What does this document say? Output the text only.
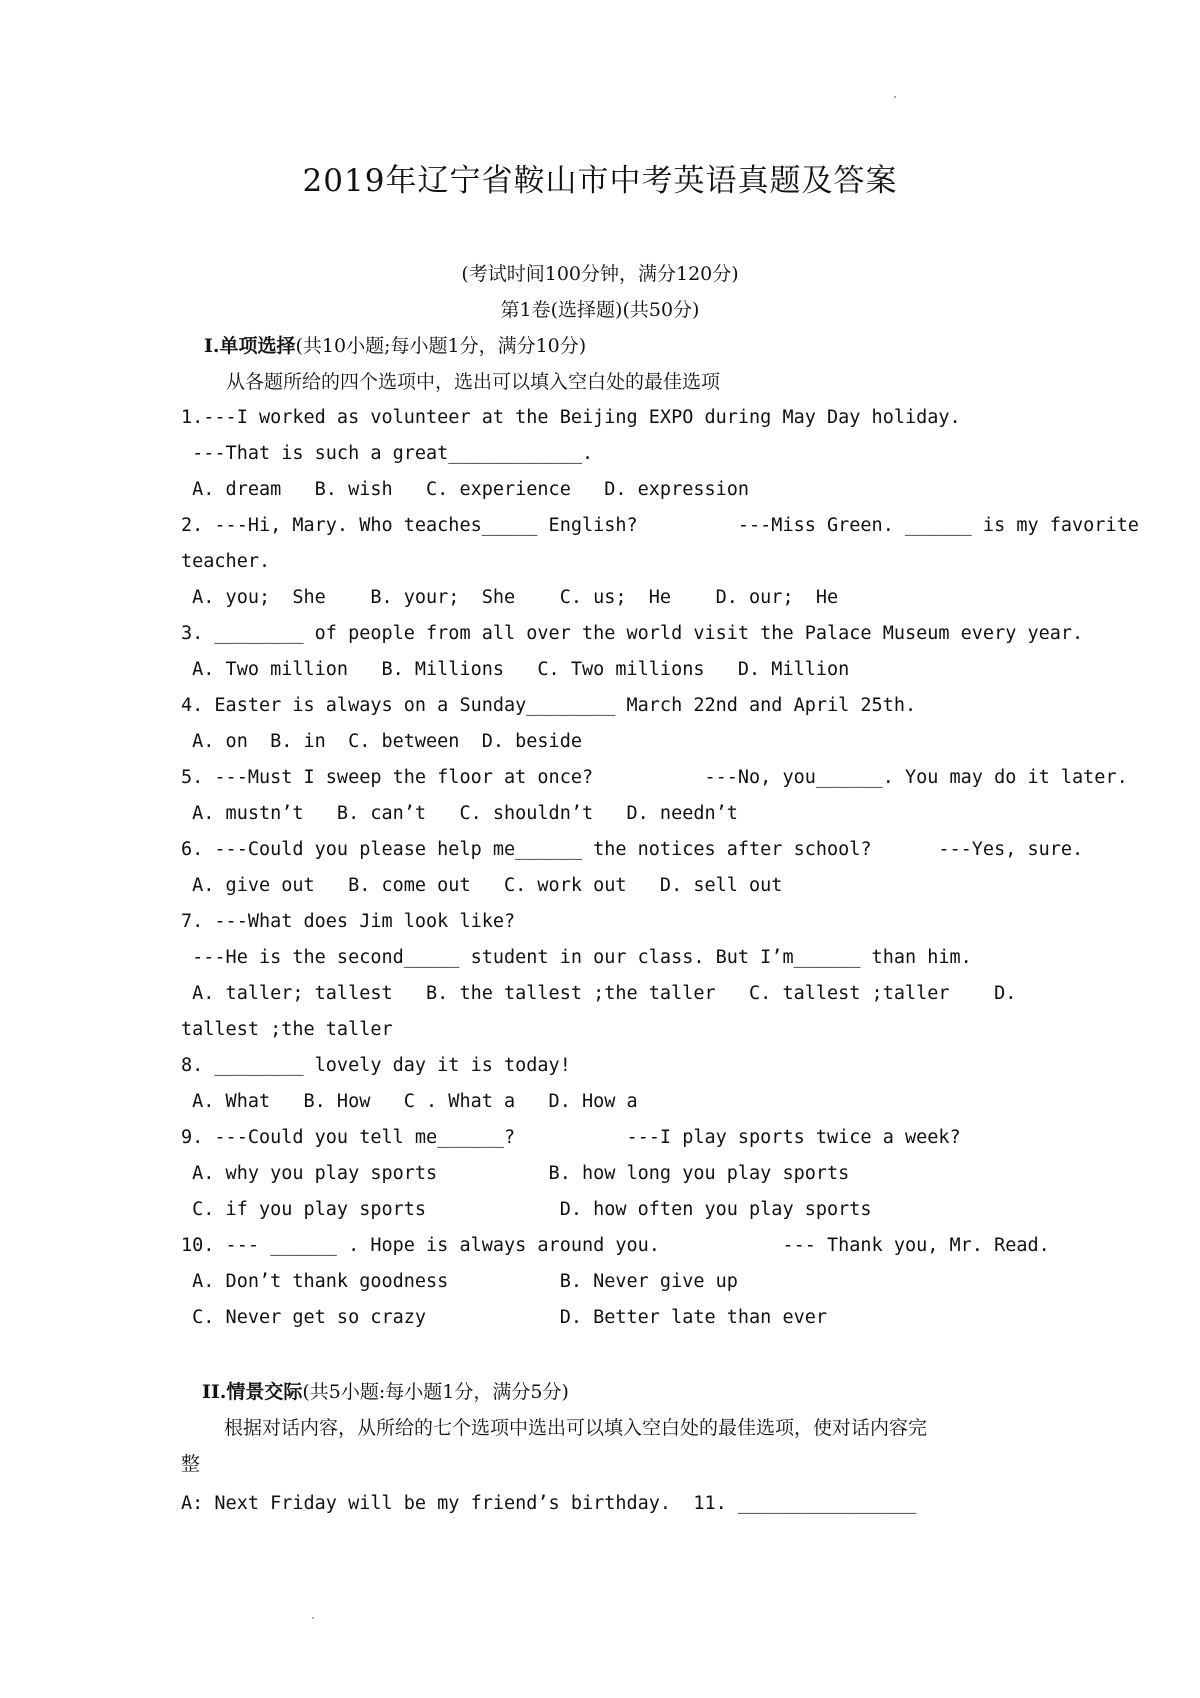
2019年辽宁省鞍山市中考英语真题及答案
(考试时间100分钟，满分120分)
第1卷(选择题)(共50分)
I.单项选择(共10小题;每小题1分，满分10分)
从各题所给的四个选项中，选出可以填入空白处的最佳选项
1.---I worked as volunteer at the Beijing EXPO during May Day holiday.
---That is such a great____________.
A. dream   B. wish   C. experience   D. expression
2. ---Hi, Mary. Who teaches_____ English?         ---Miss Green. ______ is my favorite
teacher.
A. you;  She    B. your;  She    C. us;  He    D. our;  He
3. ________ of people from all over the world visit the Palace Museum every year.
A. Two million   B. Millions   C. Two millions   D. Million
4. Easter is always on a Sunday________ March 22nd and April 25th.
A. on  B. in  C. between  D. beside
5. ---Must I sweep the floor at once?          ---No, you______. You may do it later.
A. mustn’t   B. can’t   C. shouldn’t   D. needn’t
6. ---Could you please help me______ the notices after school?      ---Yes, sure.
A. give out   B. come out   C. work out   D. sell out
7. ---What does Jim look like?
---He is the second_____ student in our class. But I’m______ than him.
A. taller; tallest   B. the tallest ;the taller   C. tallest ;taller    D.
tallest ;the taller
8. ________ lovely day it is today!
A. What   B. How   C . What a   D. How a
9. ---Could you tell me______?          ---I play sports twice a week?
A. why you play sports          B. how long you play sports
C. if you play sports            D. how often you play sports
10. --- ______ . Hope is always around you.           --- Thank you, Mr. Read.
A. Don’t thank goodness          B. Never give up
C. Never get so crazy            D. Better late than ever
II.情景交际(共5小题:每小题1分，满分5分)
根据对话内容，从所给的七个选项中选出可以填入空白处的最佳选项，使对话内容完
整
A: Next Friday will be my friend’s birthday.  11. ________________
